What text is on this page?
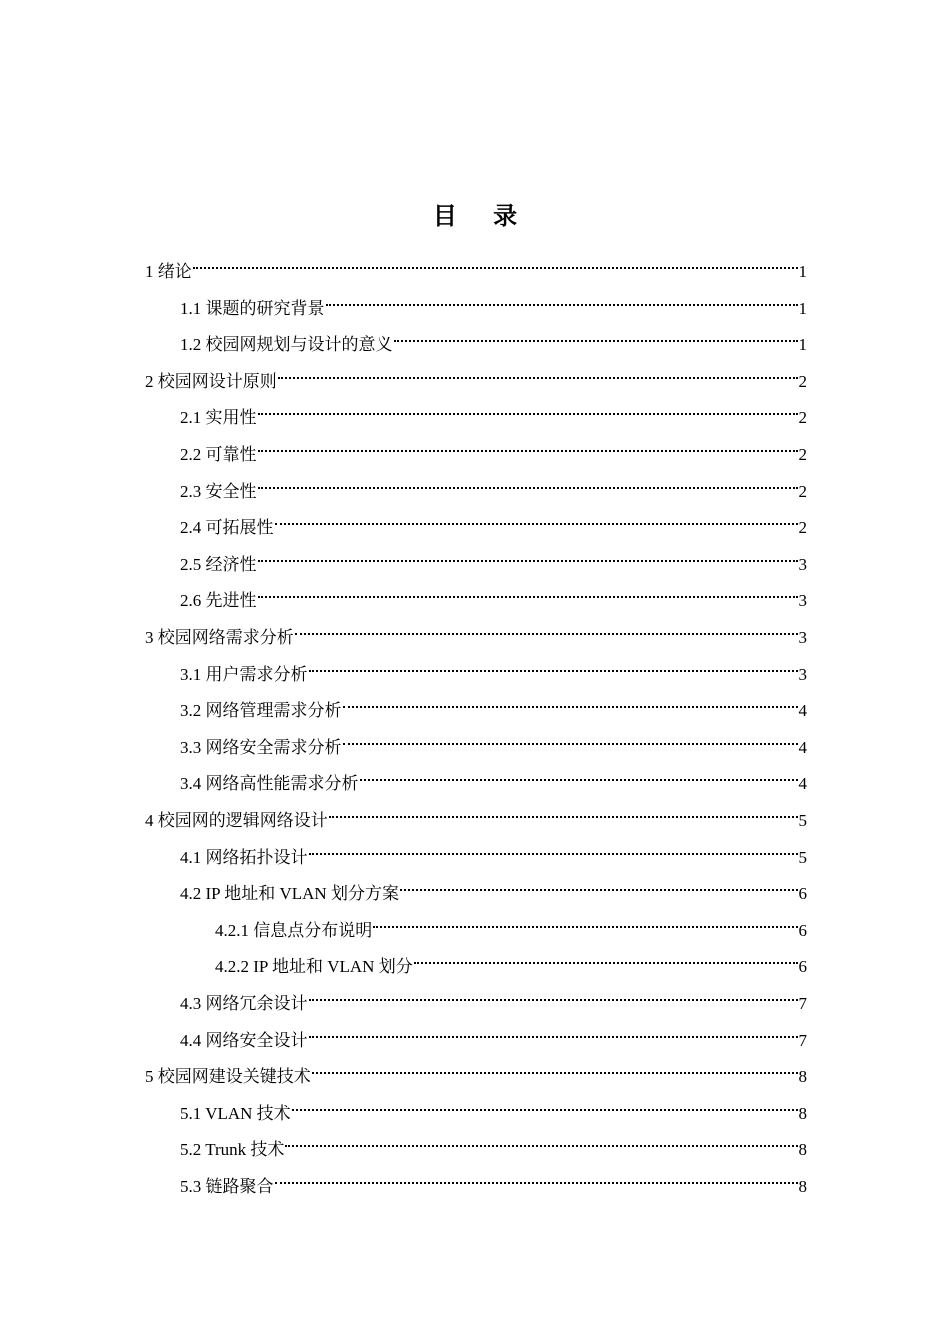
目 录
1 绪论	1
1.1 课题的研究背景	1
1.2 校园网规划与设计的意义	1
2 校园网设计原则	2
2.1 实用性	2
2.2 可靠性	2
2.3 安全性	2
2.4 可拓展性	2
2.5 经济性	3
2.6 先进性	3
3 校园网络需求分析	3
3.1 用户需求分析	3
3.2 网络管理需求分析	4
3.3 网络安全需求分析	4
3.4 网络高性能需求分析	4
4 校园网的逻辑网络设计	5
4.1 网络拓扑设计	5
4.2 IP 地址和 VLAN 划分方案	6
4.2.1 信息点分布说明	6
4.2.2 IP 地址和 VLAN 划分	6
4.3 网络冗余设计	7
4.4 网络安全设计	7
5 校园网建设关键技术	8
5.1 VLAN 技术	8
5.2 Trunk 技术	8
5.3 链路聚合	8
